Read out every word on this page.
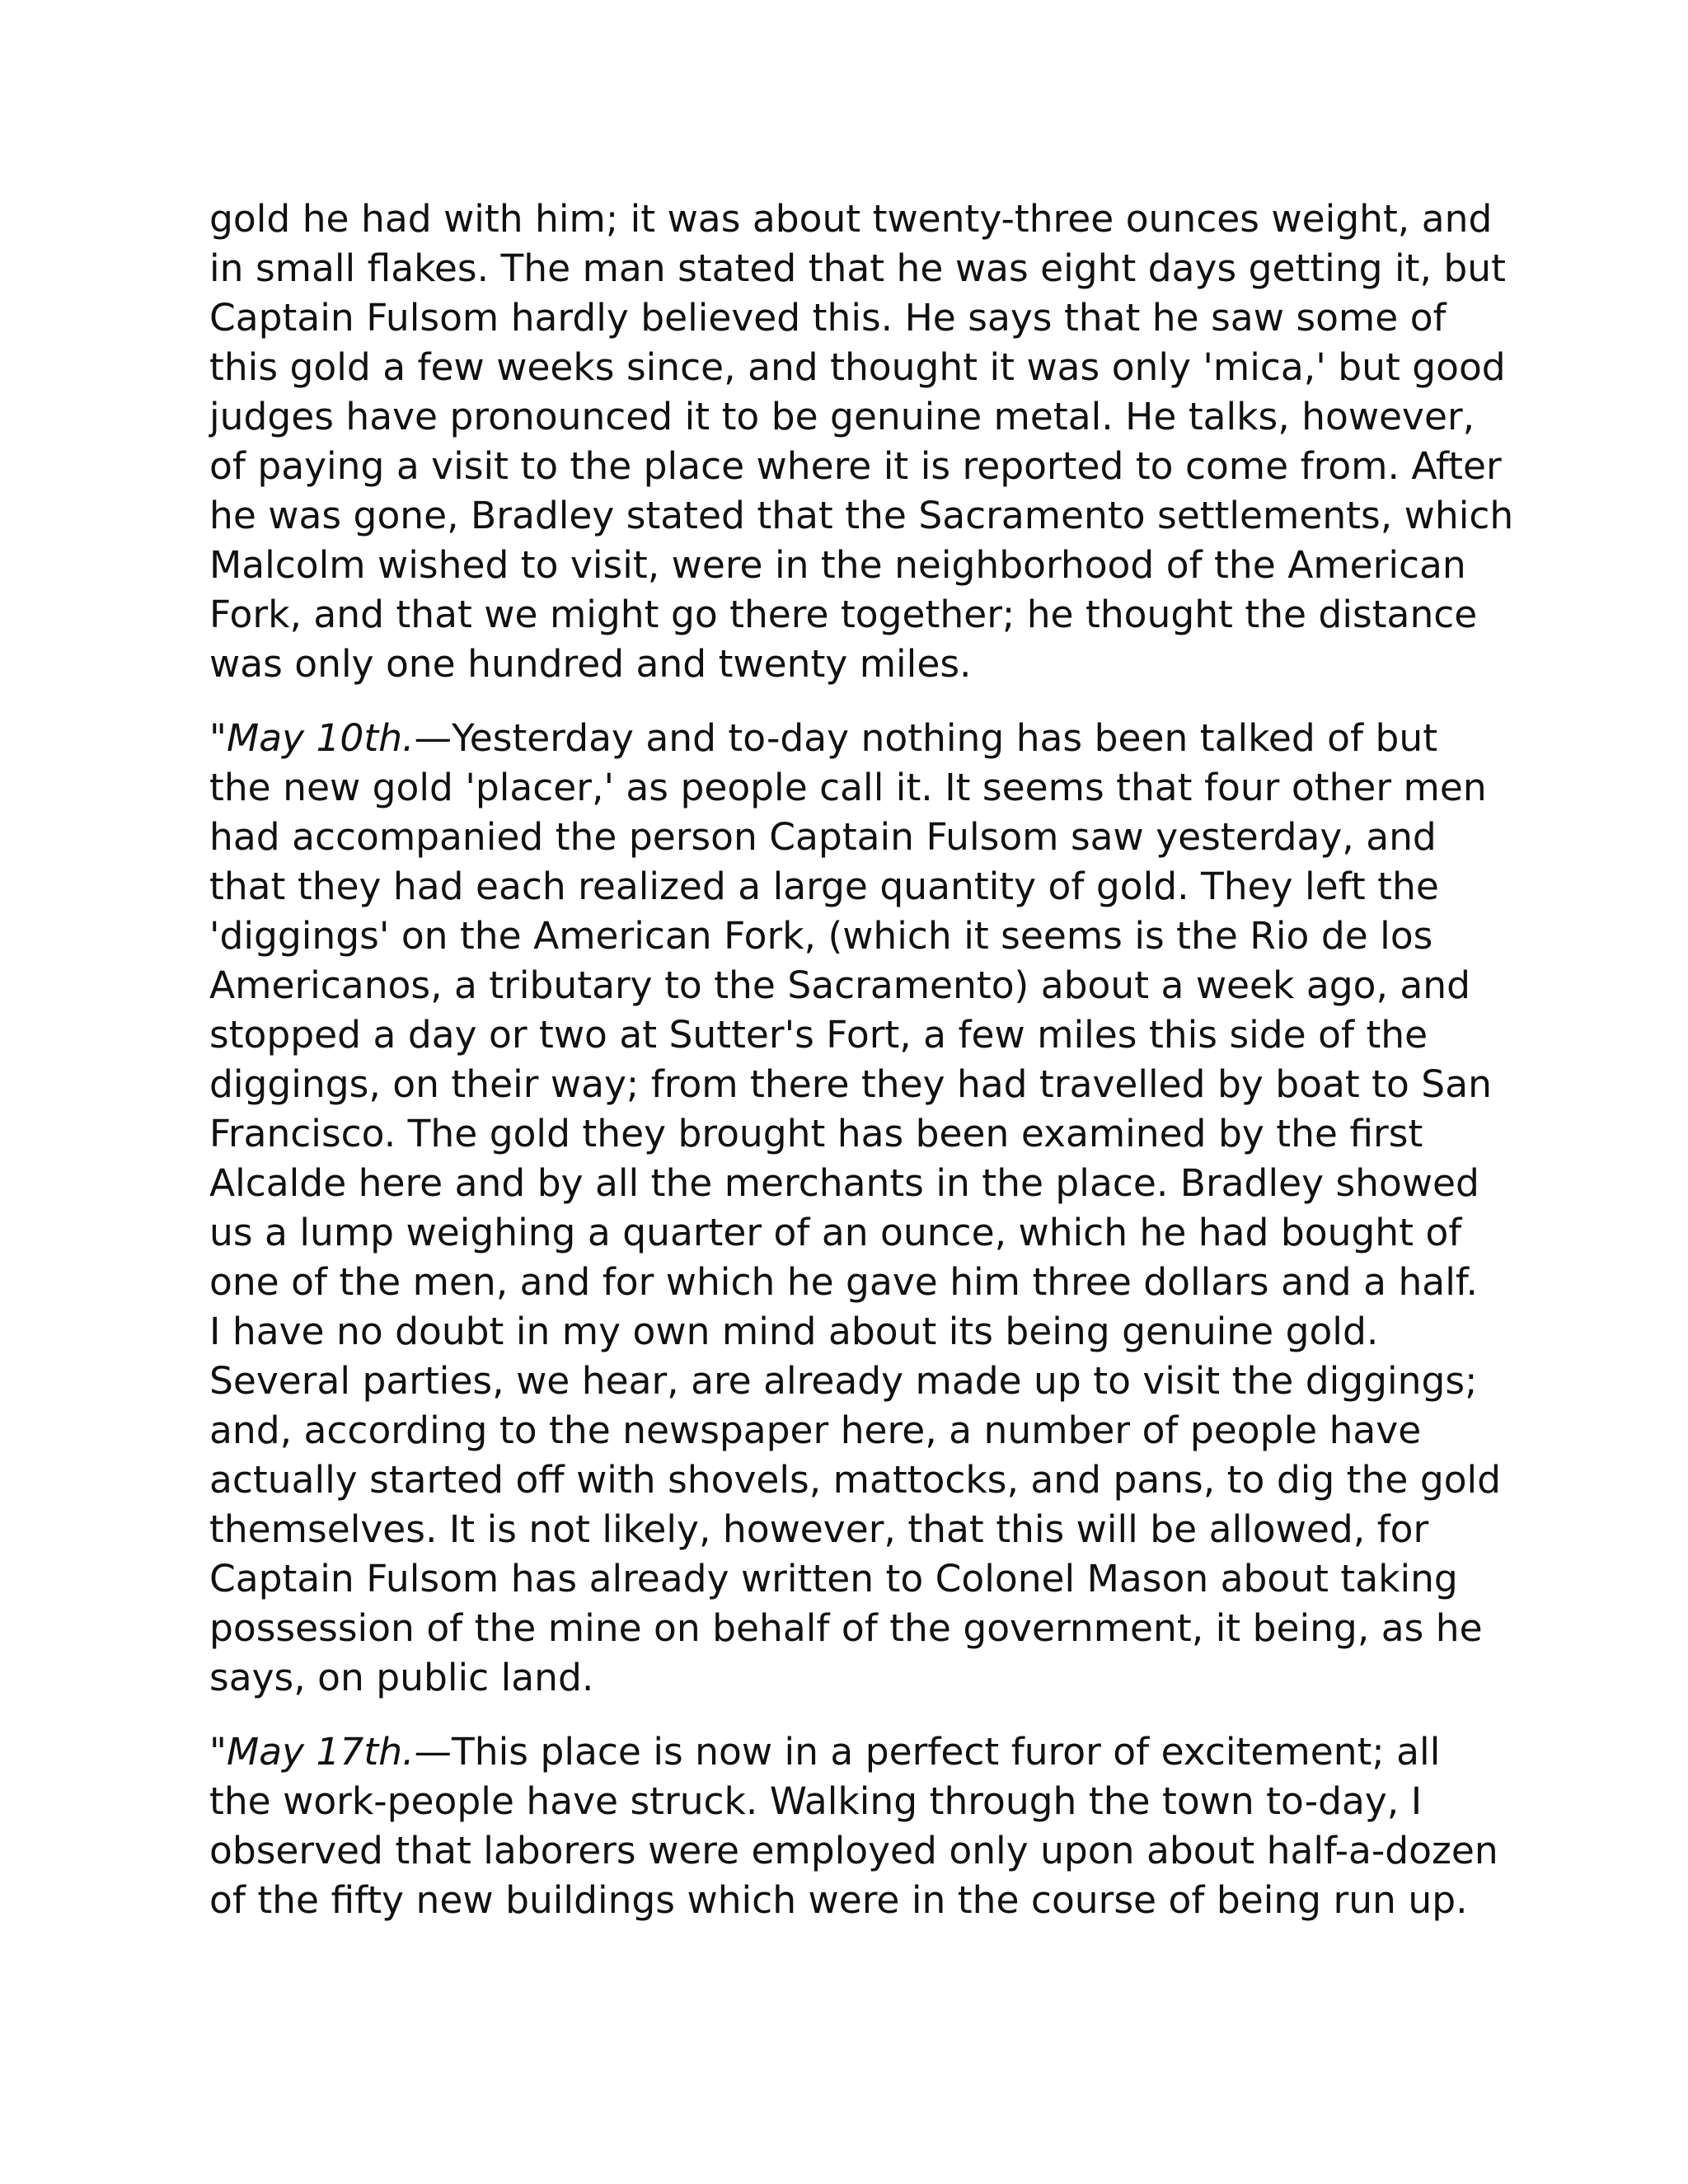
gold he had with him; it was about twenty-three ounces weight, and
in small flakes. The man stated that he was eight days getting it, but
Captain Fulsom hardly believed this. He says that he saw some of
this gold a few weeks since, and thought it was only 'mica,' but good
judges have pronounced it to be genuine metal. He talks, however,
of paying a visit to the place where it is reported to come from. After
he was gone, Bradley stated that the Sacramento settlements, which
Malcolm wished to visit, were in the neighborhood of the American
Fork, and that we might go there together; he thought the distance
was only one hundred and twenty miles.
"May 10th.—Yesterday and to-day nothing has been talked of but
the new gold 'placer,' as people call it. It seems that four other men
had accompanied the person Captain Fulsom saw yesterday, and
that they had each realized a large quantity of gold. They left the
'diggings' on the American Fork, (which it seems is the Rio de los
Americanos, a tributary to the Sacramento) about a week ago, and
stopped a day or two at Sutter's Fort, a few miles this side of the
diggings, on their way; from there they had travelled by boat to San
Francisco. The gold they brought has been examined by the first
Alcalde here and by all the merchants in the place. Bradley showed
us a lump weighing a quarter of an ounce, which he had bought of
one of the men, and for which he gave him three dollars and a half.
I have no doubt in my own mind about its being genuine gold.
Several parties, we hear, are already made up to visit the diggings;
and, according to the newspaper here, a number of people have
actually started off with shovels, mattocks, and pans, to dig the gold
themselves. It is not likely, however, that this will be allowed, for
Captain Fulsom has already written to Colonel Mason about taking
possession of the mine on behalf of the government, it being, as he
says, on public land.
"May 17th.—This place is now in a perfect furor of excitement; all
the work-people have struck. Walking through the town to-day, I
observed that laborers were employed only upon about half-a-dozen
of the fifty new buildings which were in the course of being run up.
